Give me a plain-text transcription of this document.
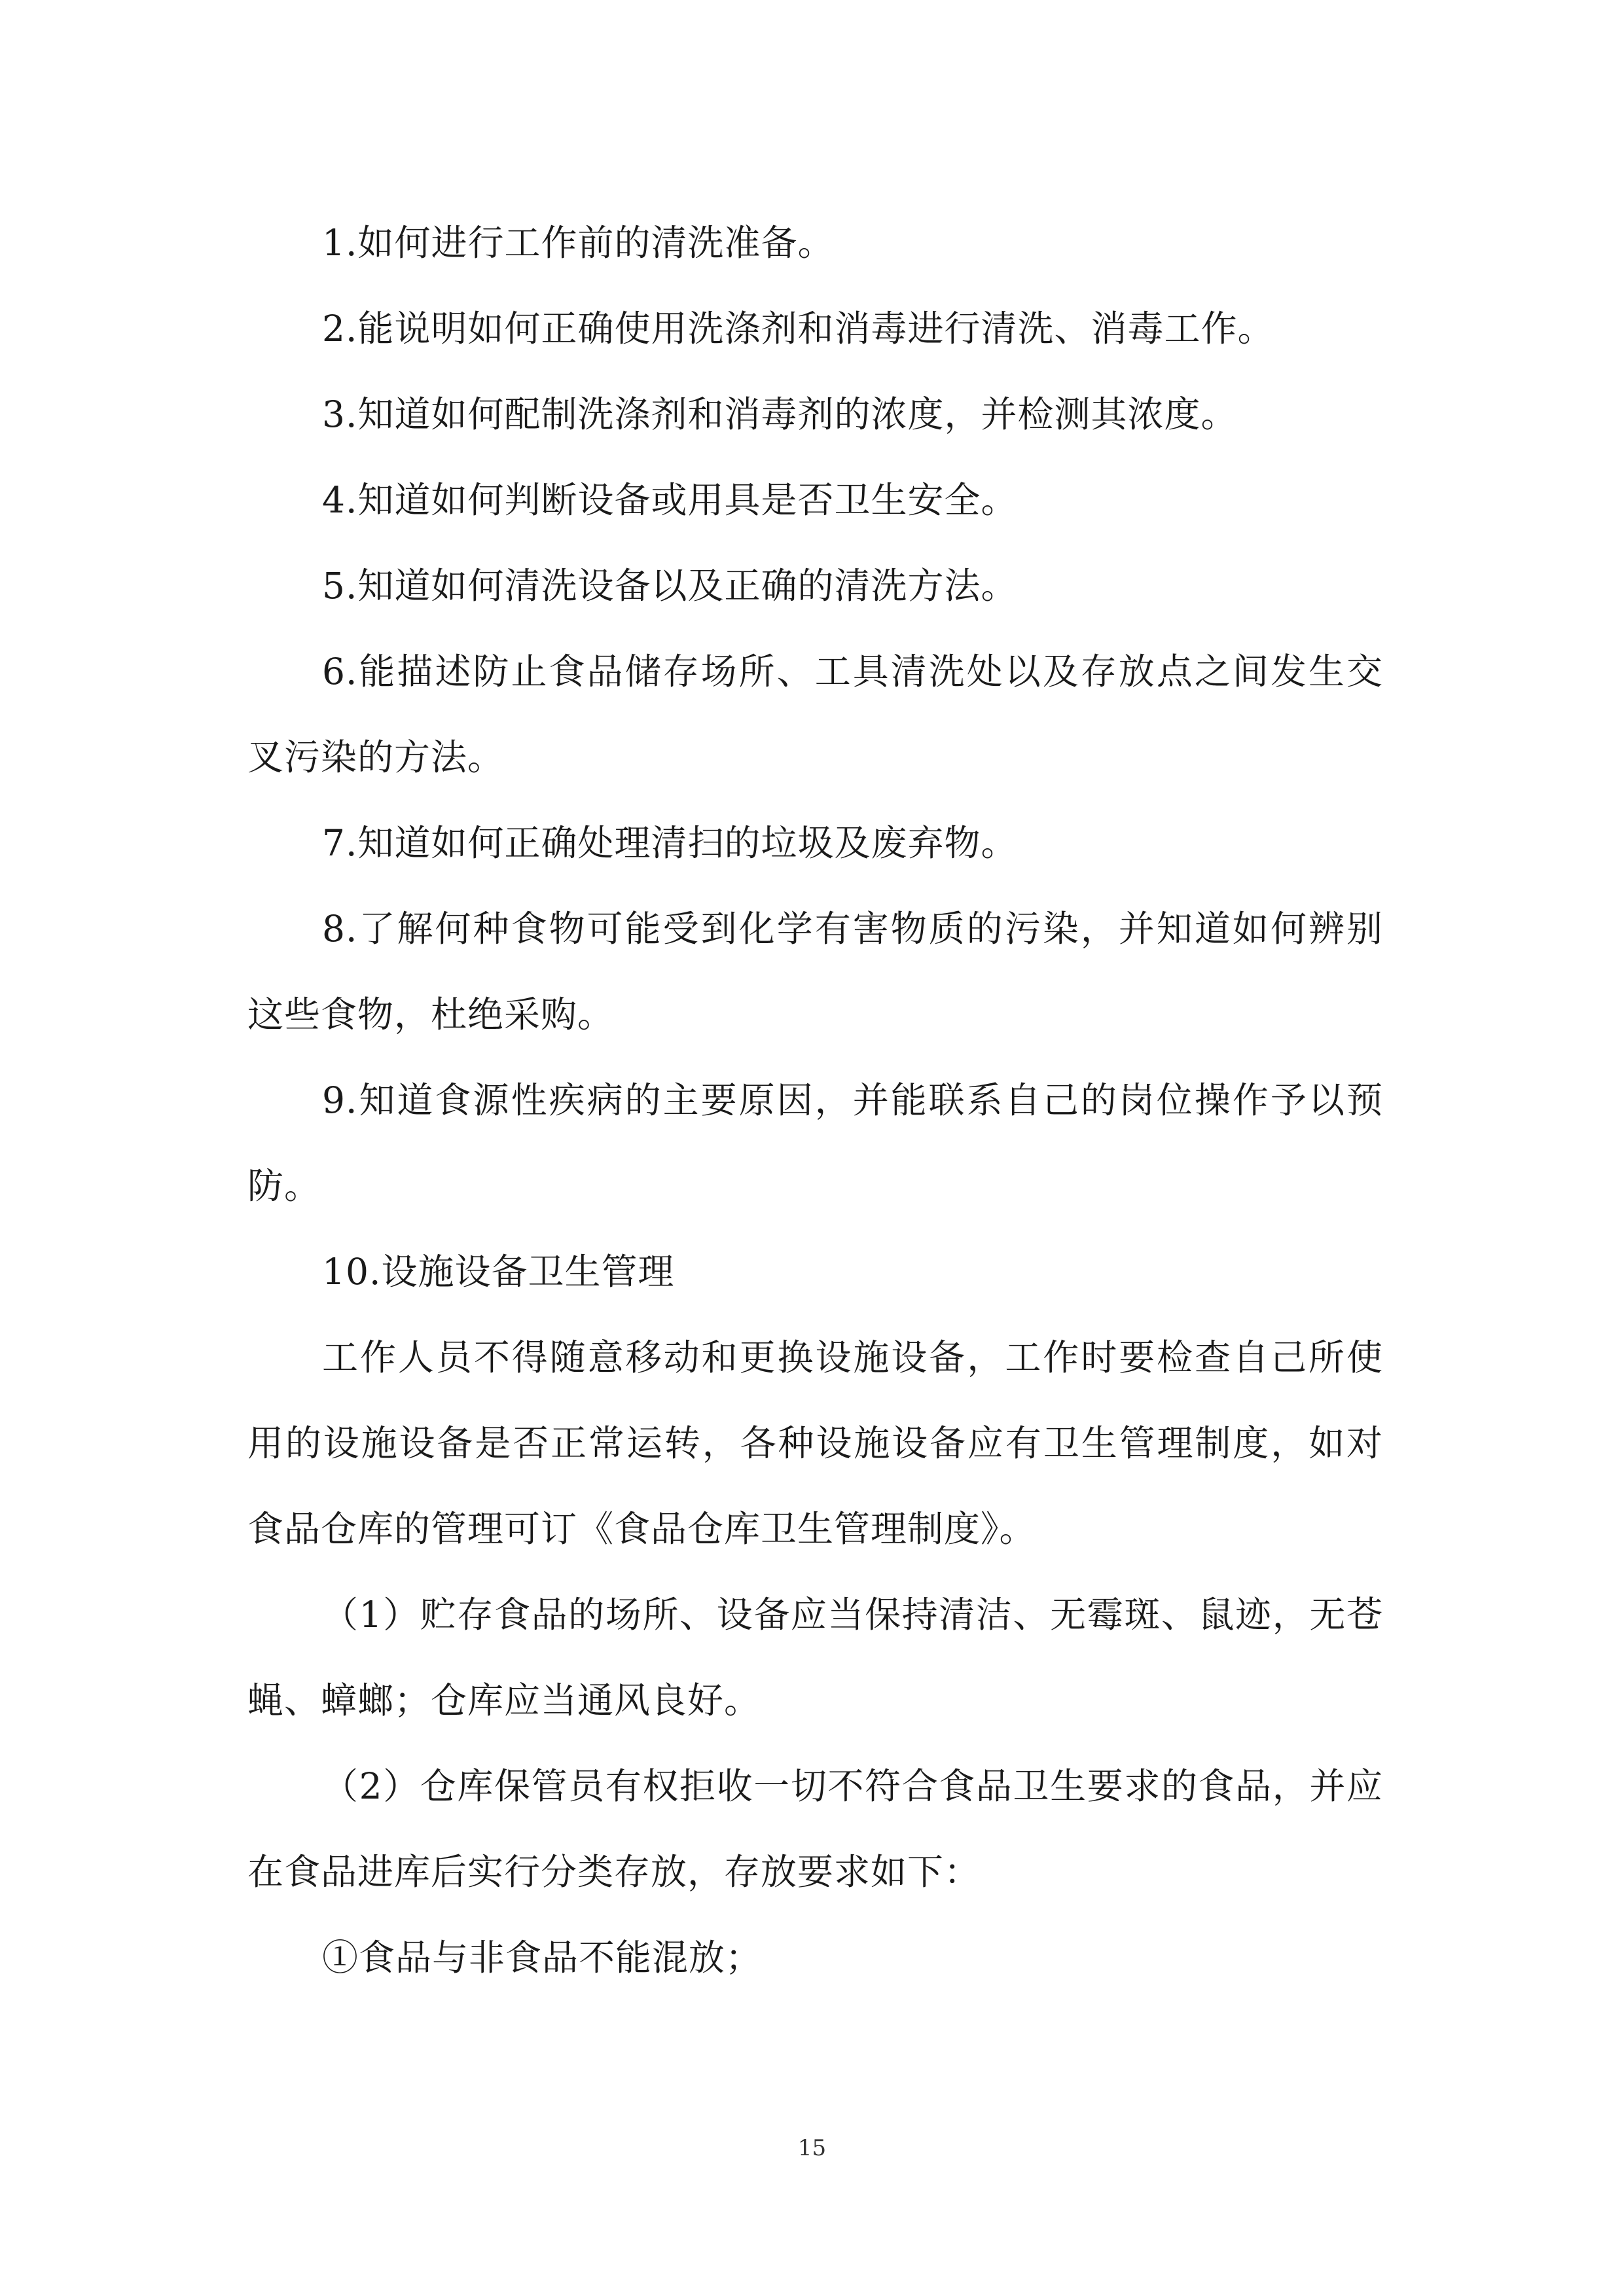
1.如何进行工作前的清洗准备。

2.能说明如何正确使用洗涤剂和消毒进行清洗、消毒工作。

3.知道如何配制洗涤剂和消毒剂的浓度，并检测其浓度。

4.知道如何判断设备或用具是否卫生安全。

5.知道如何清洗设备以及正确的清洗方法。

6.能描述防止食品储存场所、工具清洗处以及存放点之间发生交叉污染的方法。

7.知道如何正确处理清扫的垃圾及废弃物。

8.了解何种食物可能受到化学有害物质的污染，并知道如何辨别这些食物，杜绝采购。

9.知道食源性疾病的主要原因，并能联系自己的岗位操作予以预防。

10.设施设备卫生管理

工作人员不得随意移动和更换设施设备，工作时要检查自己所使用的设施设备是否正常运转，各种设施设备应有卫生管理制度，如对食品仓库的管理可订《食品仓库卫生管理制度》。

（1）贮存食品的场所、设备应当保持清洁、无霉斑、鼠迹，无苍蝇、蟑螂；仓库应当通风良好。

（2）仓库保管员有权拒收一切不符合食品卫生要求的食品，并应在食品进库后实行分类存放，存放要求如下：

①食品与非食品不能混放；

15
